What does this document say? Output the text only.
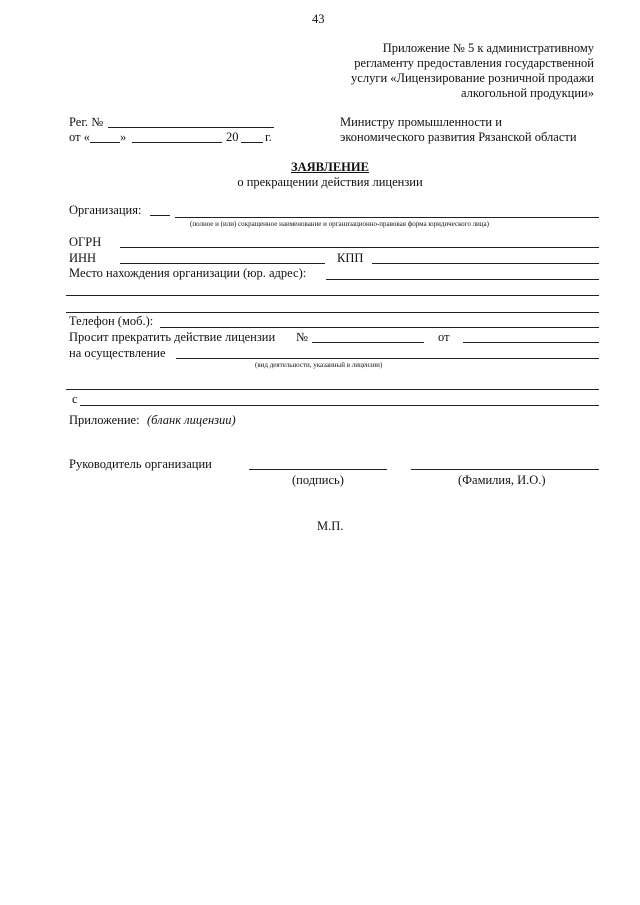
43
Приложение № 5 к административному
регламенту предоставления государственной
услуги «Лицензирование розничной продажи
алкогольной продукции»
Рег. №
от « »	20 г.
Министру промышленности и
экономического развития Рязанской области
ЗАЯВЛЕНИЕ
о прекращении действия лицензии
Организация:
(полное и (или) сокращенное наименование и организационно-правовая форма юридического лица)
ОГРН
ИНН	КПП
Место нахождения организации (юр. адрес):
Телефон (моб.):
Просит прекратить действие лицензии №	от
на осуществление
(вид деятельности, указанный в лицензии)
с
Приложение: (бланк лицензии)
Руководитель организации
(подпись)	(Фамилия, И.О.)
М.П.
